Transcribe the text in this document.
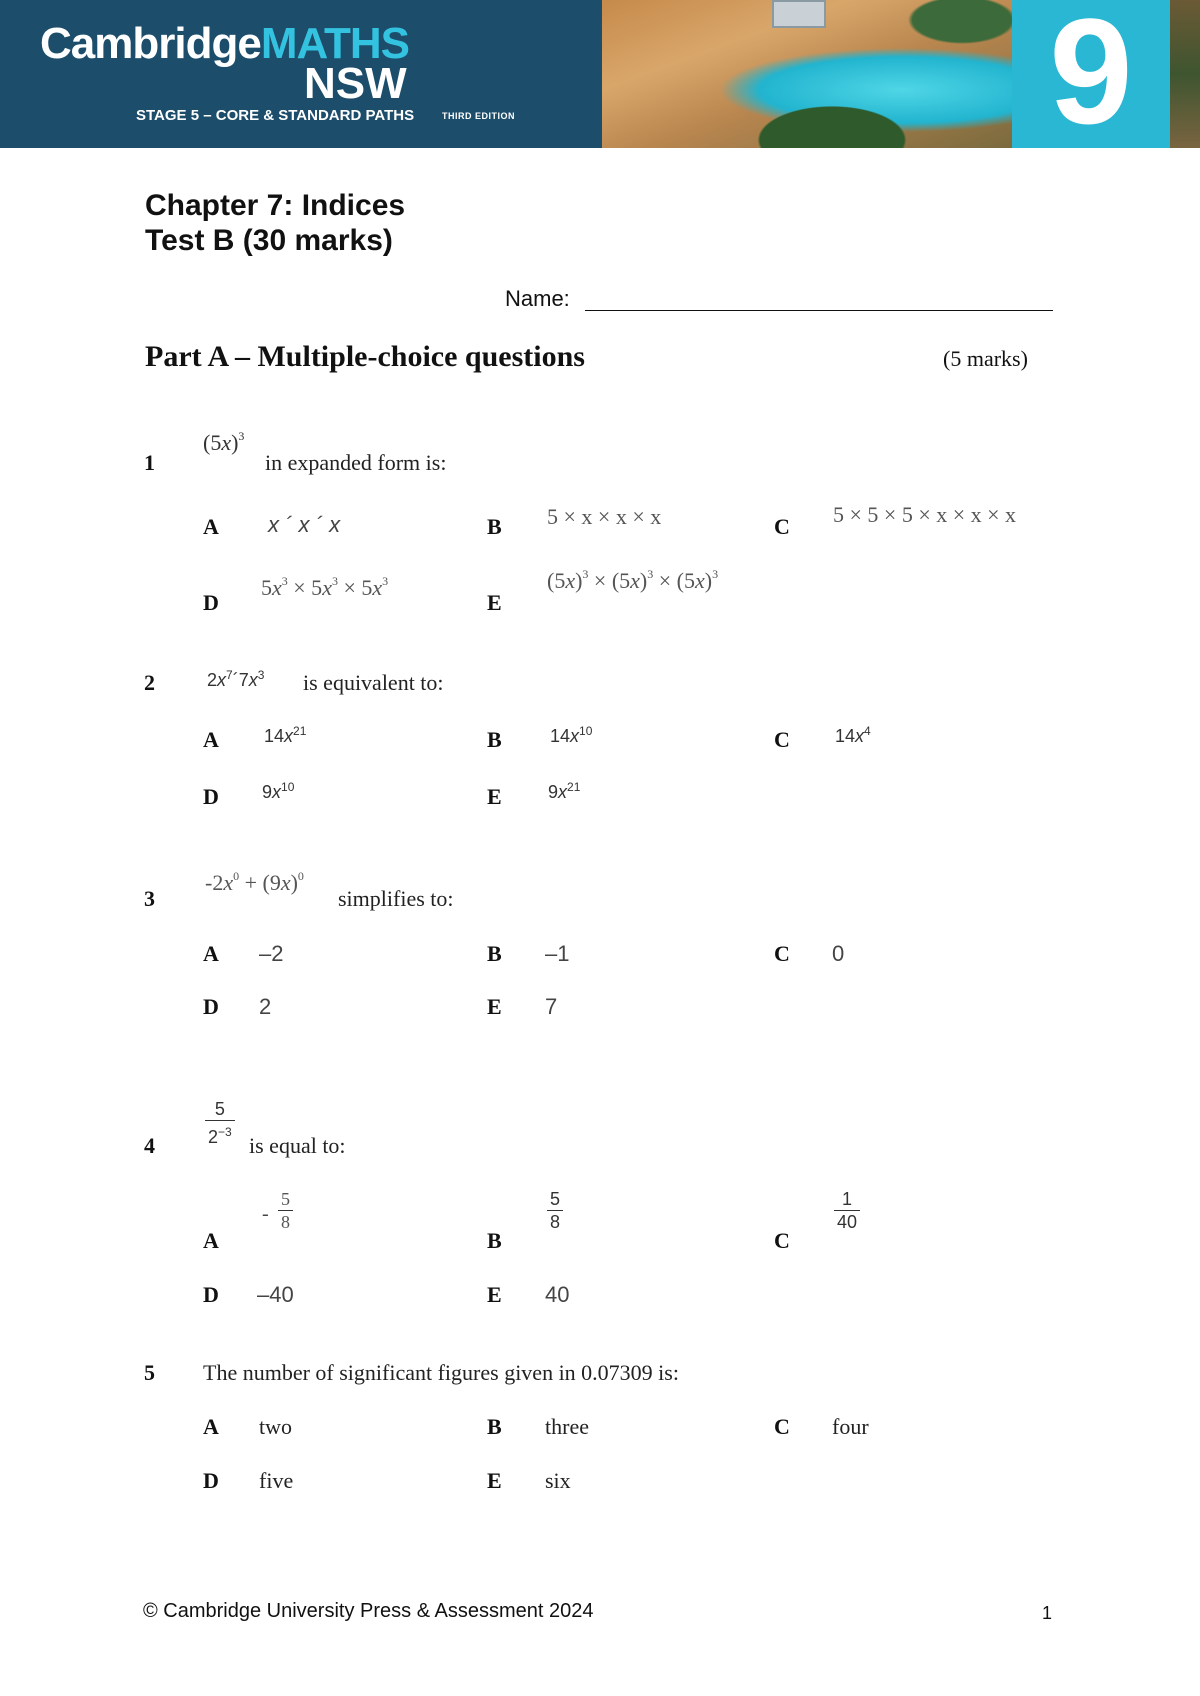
CambridgeMATHS
NSW
STAGE 5 – CORE & STANDARD PATHS	THIRD EDITION	9
Chapter 7: Indices
Test B (30 marks)
Name:
Part A – Multiple-choice questions	(5 marks)
1
$(5x)^3$
in expanded form is:
A x ´ x ´ x	B 5 × x × x × x	C 5 × 5 × 5 × x × x × x
D
$5x^3 \times 5x^3 \times 5x^3$
E
$(5x)^3 \times (5x)^3 \times (5x)^3$
2	$2x^7´7x^3$ is equivalent to:
A	$14x^{21}$	B	$14x^{10}$	C	$14x^4$
D $9x^{10}$	E	$9x^{21}$
3
$-2x^0 + (9x)^0$
simplifies to:
A –2	B –1	C 0
D 2	E 7
4	$\frac{5}{2^{-3}}$ is equal to:
A
- $\frac{5}{8}$
B
$\frac{5}{8}$
C
$\frac{1}{40}$
D –40	E 40
5 The number of significant figures given in 0.07309 is:
A two	B three	C four
D five	E six
© Cambridge University Press & Assessment 2024	1
